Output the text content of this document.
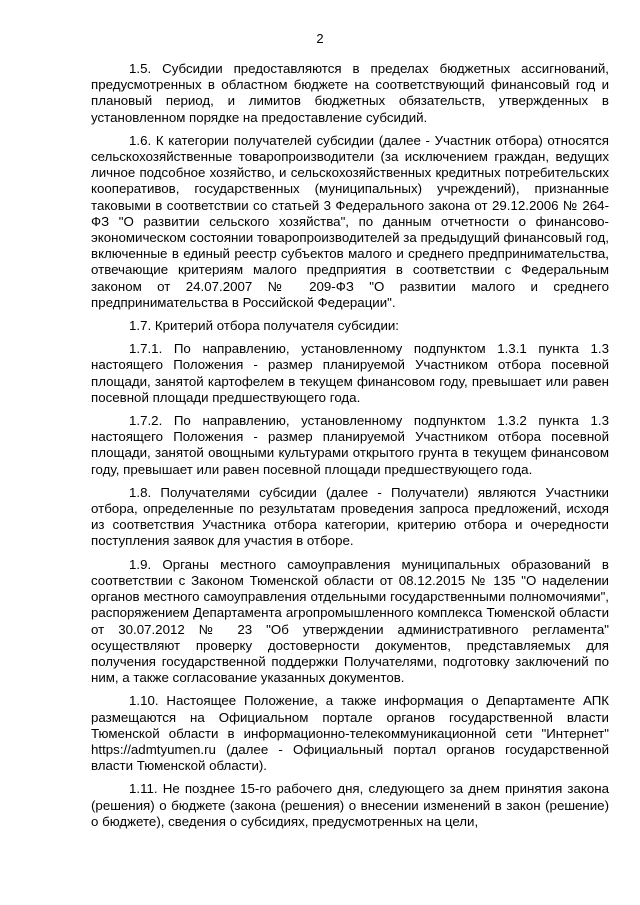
2

1.5. Субсидии предоставляются в пределах бюджетных ассигнований, предусмотренных в областном бюджете на соответствующий финансовый год и плановый период, и лимитов бюджетных обязательств, утвержденных в установленном порядке на предоставление субсидий.

1.6. К категории получателей субсидии (далее - Участник отбора) относятся сельскохозяйственные товаропроизводители (за исключением граждан, ведущих личное подсобное хозяйство, и сельскохозяйственных кредитных потребительских кооперативов, государственных (муниципальных) учреждений), признанные таковыми в соответствии со статьей 3 Федерального закона от 29.12.2006 № 264-ФЗ "О развитии сельского хозяйства", по данным отчетности о финансово-экономическом состоянии товаропроизводителей за предыдущий финансовый год, включенные в единый реестр субъектов малого и среднего предпринимательства, отвечающие критериям малого предприятия в соответствии с Федеральным законом от 24.07.2007 № 209-ФЗ "О развитии малого и среднего предпринимательства в Российской Федерации".

1.7. Критерий отбора получателя субсидии:

1.7.1. По направлению, установленному подпунктом 1.3.1 пункта 1.3 настоящего Положения - размер планируемой Участником отбора посевной площади, занятой картофелем в текущем финансовом году, превышает или равен посевной площади предшествующего года.

1.7.2. По направлению, установленному подпунктом 1.3.2 пункта 1.3 настоящего Положения - размер планируемой Участником отбора посевной площади, занятой овощными культурами открытого грунта в текущем финансовом году, превышает или равен посевной площади предшествующего года.

1.8. Получателями субсидии (далее - Получатели) являются Участники отбора, определенные по результатам проведения запроса предложений, исходя из соответствия Участника отбора категории, критерию отбора и очередности поступления заявок для участия в отборе.

1.9. Органы местного самоуправления муниципальных образований в соответствии с Законом Тюменской области от 08.12.2015 № 135 "О наделении органов местного самоуправления отдельными государственными полномочиями", распоряжением Департамента агропромышленного комплекса Тюменской области от 30.07.2012 № 23 "Об утверждении административного регламента" осуществляют проверку достоверности документов, представляемых для получения государственной поддержки Получателями, подготовку заключений по ним, а также согласование указанных документов.

1.10. Настоящее Положение, а также информация о Департаменте АПК размещаются на Официальном портале органов государственной власти Тюменской области в информационно-телекоммуникационной сети "Интернет" https://admtyumen.ru (далее - Официальный портал органов государственной власти Тюменской области).

1.11. Не позднее 15-го рабочего дня, следующего за днем принятия закона (решения) о бюджете (закона (решения) о внесении изменений в закон (решение) о бюджете), сведения о субсидиях, предусмотренных на цели,
